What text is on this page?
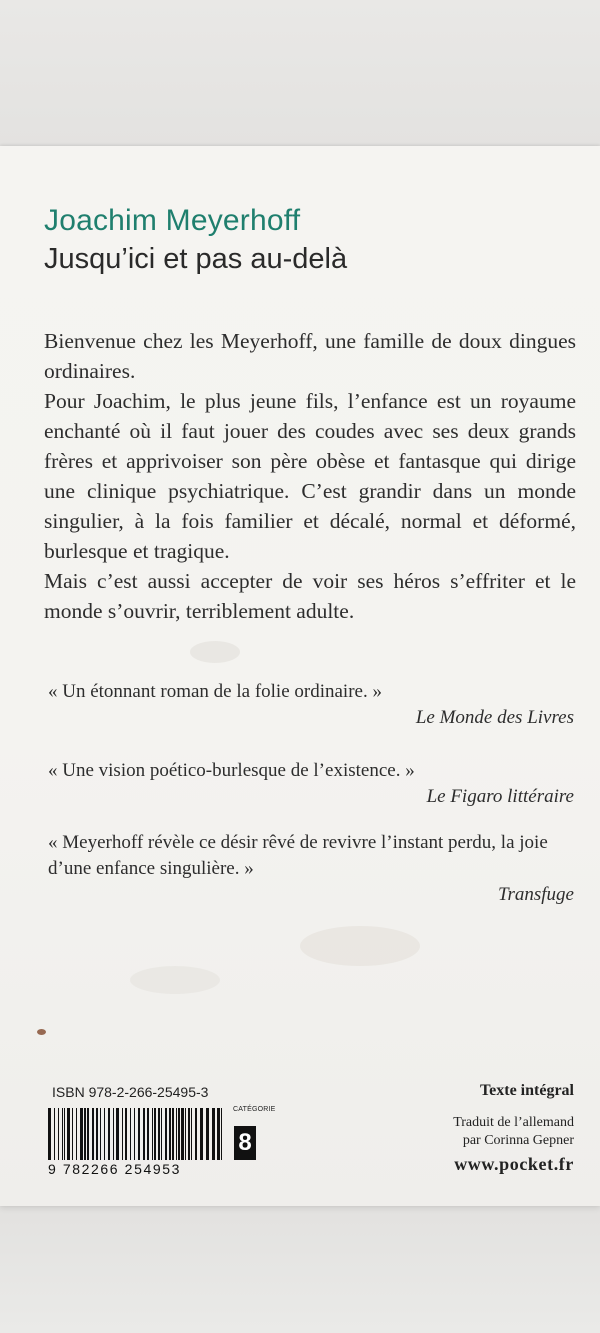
Joachim Meyerhoff
Jusqu’ici et pas au-delà

Bienvenue chez les Meyerhoff, une famille de doux dingues ordinaires.

Pour Joachim, le plus jeune fils, l’enfance est un royaume enchanté où il faut jouer des coudes avec ses deux grands frères et apprivoiser son père obèse et fantasque qui dirige une clinique psychiatrique. C’est grandir dans un monde singulier, à la fois familier et décalé, normal et déformé, burlesque et tragique.

Mais c’est aussi accepter de voir ses héros s’effriter et le monde s’ouvrir, terriblement adulte.

« Un étonnant roman de la folie ordinaire. »
Le Monde des Livres
« Une vision poético-burlesque de l’existence. »
Le Figaro littéraire
« Meyerhoff révèle ce désir rêvé de revivre l’instant perdu, la joie d’une enfance singulière. »
Transfuge
ISBN 978-2-266-25495-3
9 782266 254953
CATÉGORIE
8
Texte intégral
Traduit de l’allemand
par Corinna Gepner
www.pocket.fr
